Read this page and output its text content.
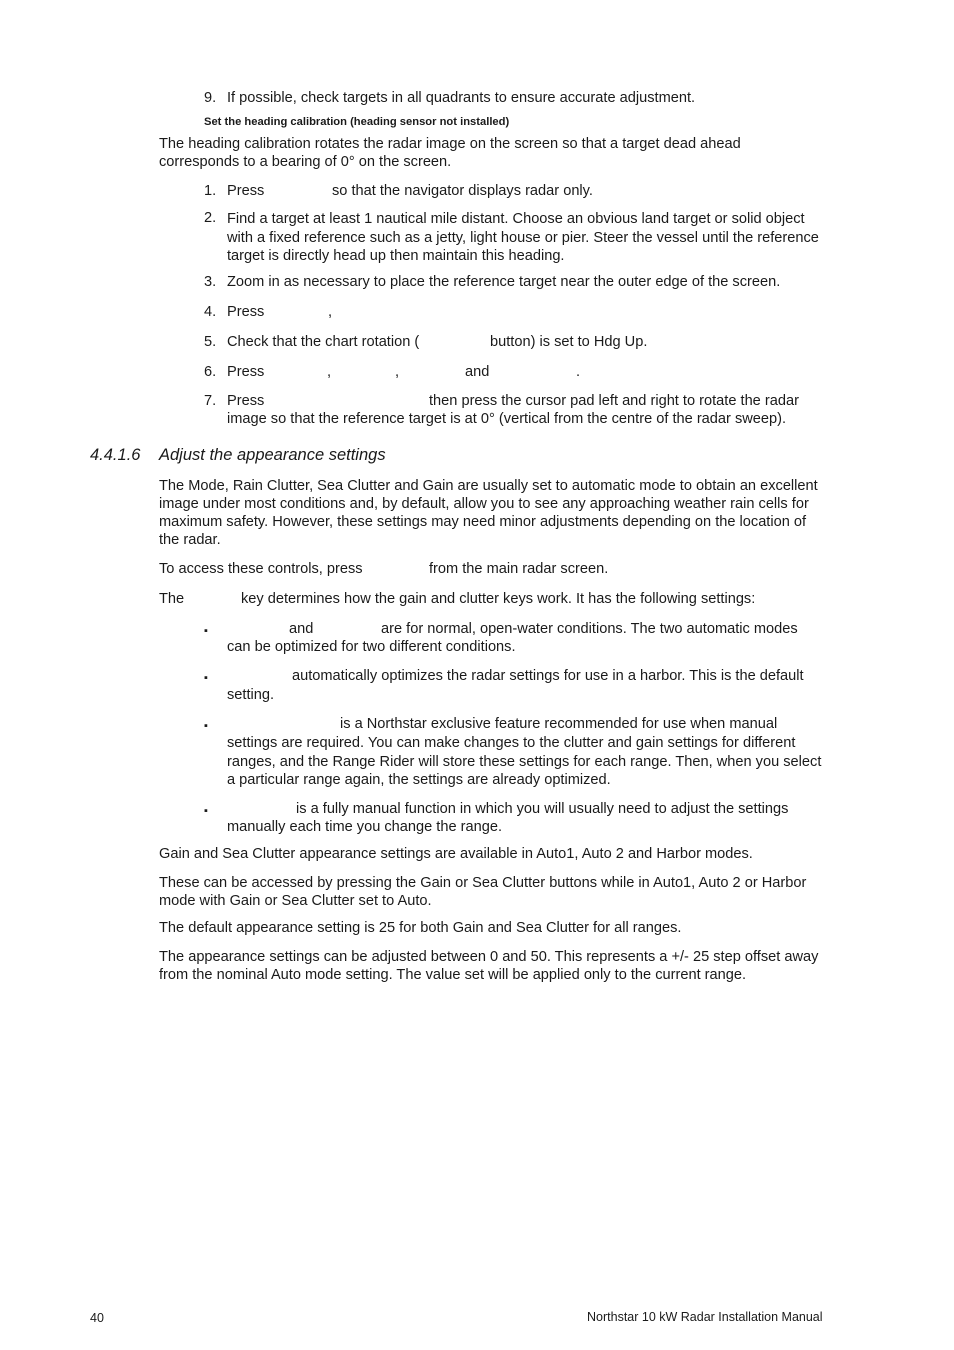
9. If possible, check targets in all quadrants to ensure accurate adjustment.
Set the heading calibration (heading sensor not installed)
The heading calibration rotates the radar image on the screen so that a target dead ahead
corresponds to a bearing of 0° on the screen.
1. Press	so that the navigator displays radar only.
2. Find a target at least 1 nautical mile distant. Choose an obvious land target or solid object
with a fixed reference such as a jetty, light house or pier. Steer the vessel until the reference
target is directly head up then maintain this heading.
3. Zoom in as necessary to place the reference target near the outer edge of the screen.
4. Press	,
5. Check that the chart rotation (	button) is set to Hdg Up.
6. Press	,	,	and	.
7. Press	then press the cursor pad left and right to rotate the radar
image so that the reference target is at 0° (vertical from the centre of the radar sweep).
4.4.1.6 Adjust the appearance settings
The Mode, Rain Clutter, Sea Clutter and Gain are usually set to automatic mode to obtain an excellent
image under most conditions and, by default, allow you to see any approaching weather rain cells for
maximum safety. However, these settings may need minor adjustments depending on the location of
the radar.
To access these controls, press	from the main radar screen.
The	key determines how the gain and clutter keys work. It has the following settings:
▪	and	are for normal, open-water conditions. The two automatic modes
can be optimized for two different conditions.
▪	automatically optimizes the radar settings for use in a harbor. This is the default
setting.
▪	is a Northstar exclusive feature recommended for use when manual
settings are required. You can make changes to the clutter and gain settings for different
ranges, and the Range Rider will store these settings for each range. Then, when you select
a particular range again, the settings are already optimized.
▪	is a fully manual function in which you will usually need to adjust the settings
manually each time you change the range.
Gain and Sea Clutter appearance settings are available in Auto1, Auto 2 and Harbor modes.
These can be accessed by pressing the Gain or Sea Clutter buttons while in Auto1, Auto 2 or Harbor
mode with Gain or Sea Clutter set to Auto.
The default appearance setting is 25 for both Gain and Sea Clutter for all ranges.
The appearance settings can be adjusted between 0 and 50. This represents a +/- 25 step offset away
from the nominal Auto mode setting. The value set will be applied only to the current range.
40	Northstar 10 kW Radar Installation Manual
